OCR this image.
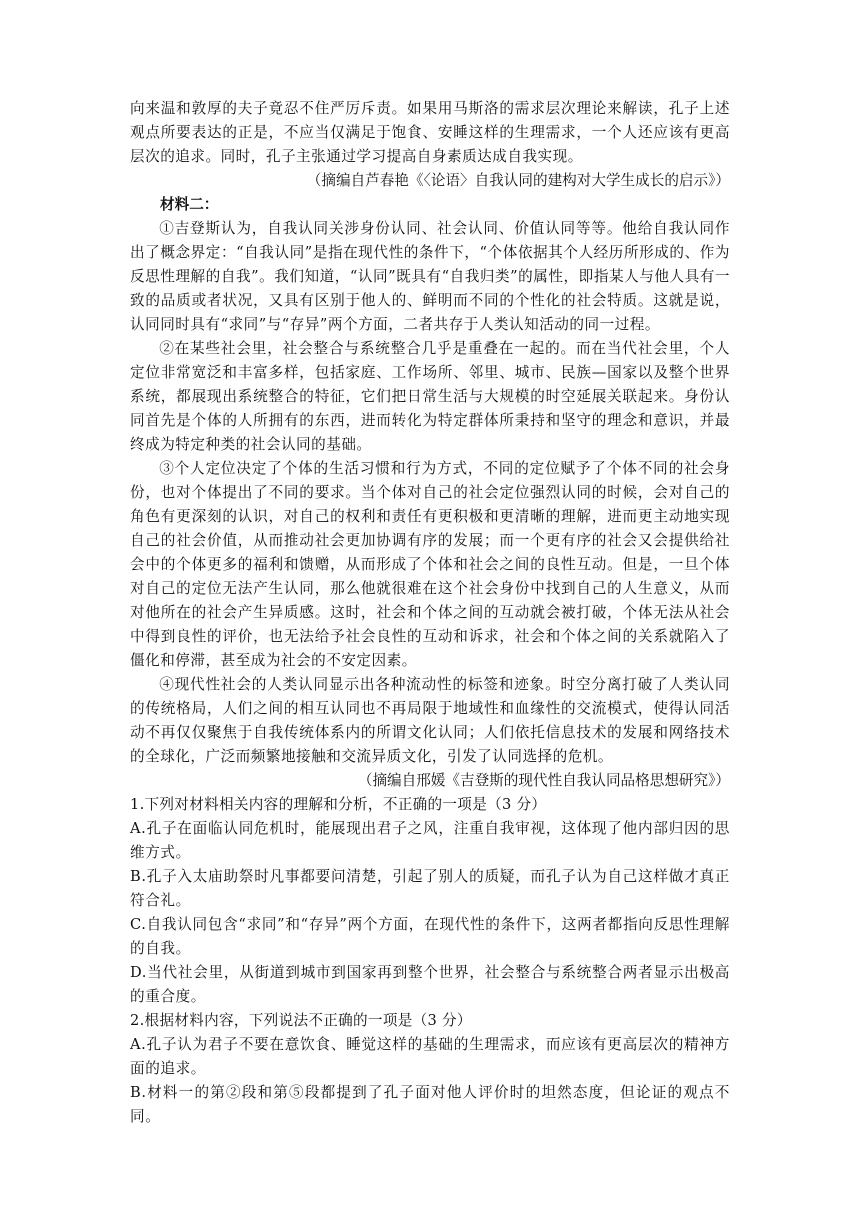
向来温和敦厚的夫子竟忍不住严厉斥责。如果用马斯洛的需求层次理论来解读，孔子上述观点所要表达的正是，不应当仅满足于饱食、安睡这样的生理需求，一个人还应该有更高层次的追求。同时，孔子主张通过学习提高自身素质达成自我实现。

（摘编自芦春艳《〈论语〉自我认同的建构对大学生成长的启示》）

材料二：

①吉登斯认为，自我认同关涉身份认同、社会认同、价值认同等等。他给自我认同作出了概念界定：“自我认同”是指在现代性的条件下，“个体依据其个人经历所形成的、作为反思性理解的自我”。我们知道，“认同”既具有“自我归类”的属性，即指某人与他人具有一致的品质或者状况，又具有区别于他人的、鲜明而不同的个性化的社会特质。这就是说，认同同时具有“求同”与“存异”两个方面，二者共存于人类认知活动的同一过程。

②在某些社会里，社会整合与系统整合几乎是重叠在一起的。而在当代社会里，个人定位非常宽泛和丰富多样，包括家庭、工作场所、邻里、城市、民族—国家以及整个世界系统，都展现出系统整合的特征，它们把日常生活与大规模的时空延展关联起来。身份认同首先是个体的人所拥有的东西，进而转化为特定群体所秉持和坚守的理念和意识，并最终成为特定种类的社会认同的基础。

③个人定位决定了个体的生活习惯和行为方式，不同的定位赋予了个体不同的社会身份，也对个体提出了不同的要求。当个体对自己的社会定位强烈认同的时候，会对自己的角色有更深刻的认识，对自己的权利和责任有更积极和更清晰的理解，进而更主动地实现自己的社会价值，从而推动社会更加协调有序的发展；而一个更有序的社会又会提供给社会中的个体更多的福利和馈赠，从而形成了个体和社会之间的良性互动。但是，一旦个体对自己的定位无法产生认同，那么他就很难在这个社会身份中找到自己的人生意义，从而对他所在的社会产生异质感。这时，社会和个体之间的互动就会被打破，个体无法从社会中得到良性的评价，也无法给予社会良性的互动和诉求，社会和个体之间的关系就陷入了僵化和停滞，甚至成为社会的不安定因素。

④现代性社会的人类认同显示出各种流动性的标签和迹象。时空分离打破了人类认同的传统格局，人们之间的相互认同也不再局限于地域性和血缘性的交流模式，使得认同活动不再仅仅聚焦于自我传统体系内的所谓文化认同；人们依托信息技术的发展和网络技术的全球化，广泛而频繁地接触和交流异质文化，引发了认同选择的危机。

（摘编自邢媛《吉登斯的现代性自我认同品格思想研究》）

1.下列对材料相关内容的理解和分析，不正确的一项是（3 分）

A.孔子在面临认同危机时，能展现出君子之风，注重自我审视，这体现了他内部归因的思维方式。

B.孔子入太庙助祭时凡事都要问清楚，引起了别人的质疑，而孔子认为自己这样做才真正符合礼。

C.自我认同包含“求同”和“存异”两个方面，在现代性的条件下，这两者都指向反思性理解的自我。

D.当代社会里，从街道到城市到国家再到整个世界，社会整合与系统整合两者显示出极高的重合度。

2.根据材料内容，下列说法不正确的一项是（3 分）

A.孔子认为君子不要在意饮食、睡觉这样的基础的生理需求，而应该有更高层次的精神方面的追求。

B.材料一的第②段和第⑤段都提到了孔子面对他人评价时的坦然态度，但论证的观点不同。
